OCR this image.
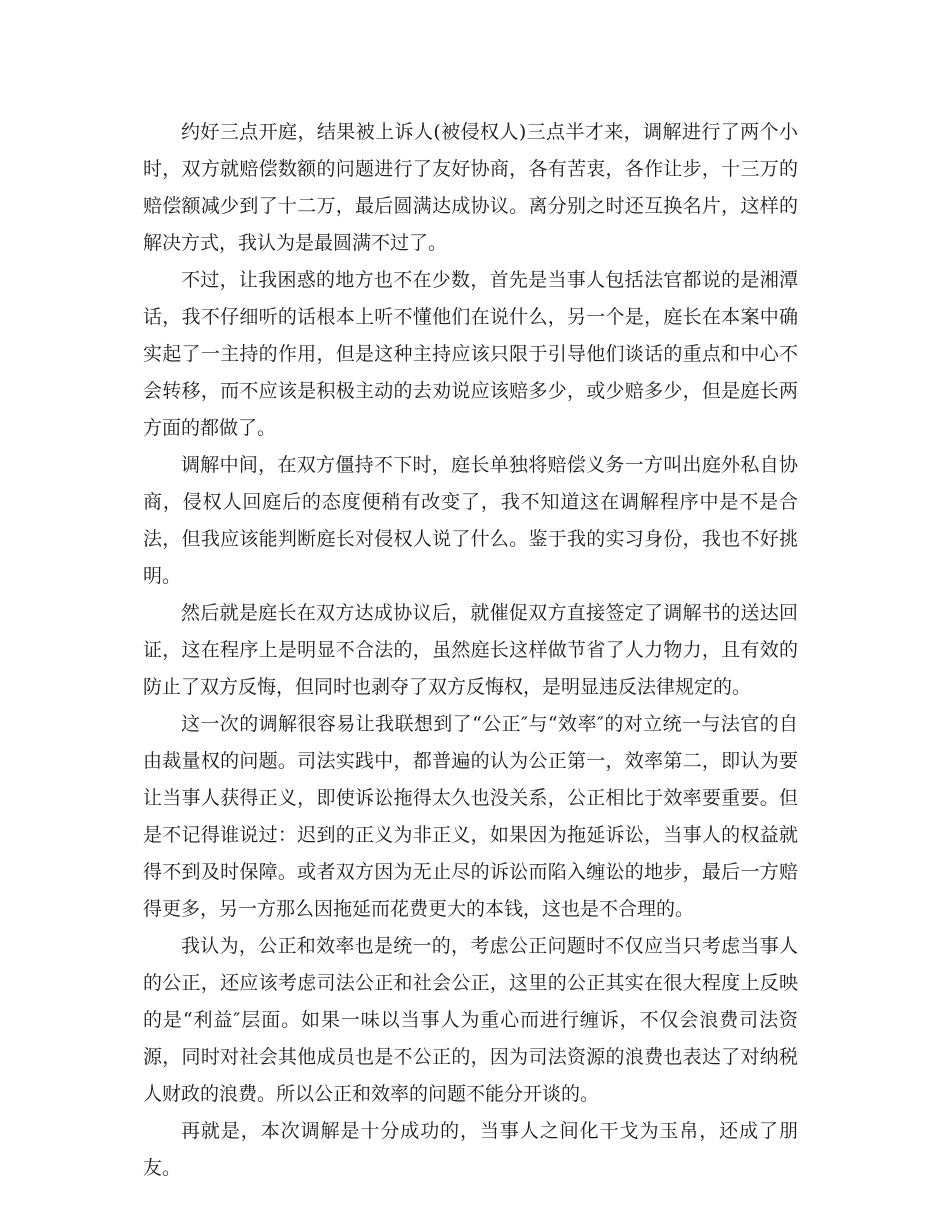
约好三点开庭，结果被上诉人(被侵权人)三点半才来，调解进行了两个小时，双方就赔偿数额的问题进行了友好协商，各有苦衷，各作让步，十三万的赔偿额减少到了十二万，最后圆满达成协议。离分别之时还互换名片，这样的解决方式，我认为是最圆满不过了。

不过，让我困惑的地方也不在少数，首先是当事人包括法官都说的是湘潭话，我不仔细听的话根本上听不懂他们在说什么，另一个是，庭长在本案中确实起了一主持的作用，但是这种主持应该只限于引导他们谈话的重点和中心不会转移，而不应该是积极主动的去劝说应该赔多少，或少赔多少，但是庭长两方面的都做了。

调解中间，在双方僵持不下时，庭长单独将赔偿义务一方叫出庭外私自协商，侵权人回庭后的态度便稍有改变了，我不知道这在调解程序中是不是合法，但我应该能判断庭长对侵权人说了什么。鉴于我的实习身份，我也不好挑明。

然后就是庭长在双方达成协议后，就催促双方直接签定了调解书的送达回证，这在程序上是明显不合法的，虽然庭长这样做节省了人力物力，且有效的防止了双方反悔，但同时也剥夺了双方反悔权，是明显违反法律规定的。

这一次的调解很容易让我联想到了“公正″与“效率″的对立统一与法官的自由裁量权的问题。司法实践中，都普遍的认为公正第一，效率第二，即认为要让当事人获得正义，即使诉讼拖得太久也没关系，公正相比于效率要重要。但是不记得谁说过：迟到的正义为非正义，如果因为拖延诉讼，当事人的权益就得不到及时保障。或者双方因为无止尽的诉讼而陷入缠讼的地步，最后一方赔得更多，另一方那么因拖延而花费更大的本钱，这也是不合理的。

我认为，公正和效率也是统一的，考虑公正问题时不仅应当只考虑当事人的公正，还应该考虑司法公正和社会公正，这里的公正其实在很大程度上反映的是“利益″层面。如果一味以当事人为重心而进行缠诉，不仅会浪费司法资源，同时对社会其他成员也是不公正的，因为司法资源的浪费也表达了对纳税人财政的浪费。所以公正和效率的问题不能分开谈的。

再就是，本次调解是十分成功的，当事人之间化干戈为玉帛，还成了朋友。
